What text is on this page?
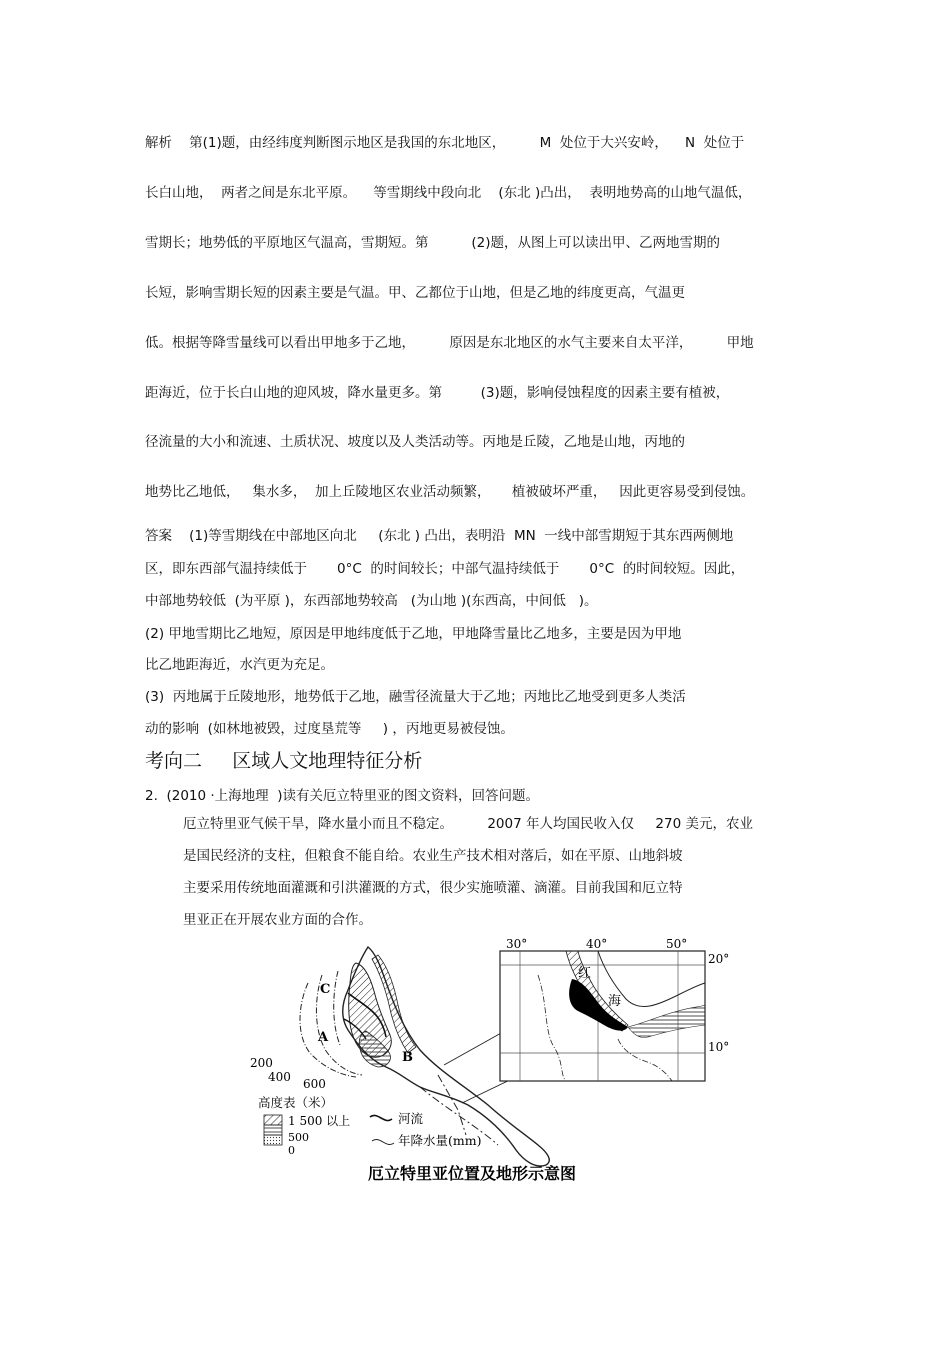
解析    第(1)题，由经纬度判断图示地区是我国的东北地区，        M  处位于大兴安岭，    N  处位于
长白山地，  两者之间是东北平原。    等雪期线中段向北    (东北 )凸出，  表明地势高的山地气温低，
雪期长；地势低的平原地区气温高，雪期短。第          (2)题，从图上可以读出甲、乙两地雪期的
长短，影响雪期长短的因素主要是气温。甲、乙都位于山地，但是乙地的纬度更高，气温更
低。根据等降雪量线可以看出甲地多于乙地，        原因是东北地区的水气主要来自太平洋，        甲地
距海近，位于长白山地的迎风坡，降水量更多。第         (3)题，影响侵蚀程度的因素主要有植被，
径流量的大小和流速、土质状况、坡度以及人类活动等。丙地是丘陵，乙地是山地，丙地的
地势比乙地低，   集水多，  加上丘陵地区农业活动频繁，     植被破坏严重，   因此更容易受到侵蚀。
答案    (1)等雪期线在中部地区向北     (东北 ) 凸出，表明沿  MN  一线中部雪期短于其东西两侧地
区，即东西部气温持续低于       0°C  的时间较长；中部气温持续低于       0°C  的时间较短。因此，
中部地势较低  (为平原 )，东西部地势较高   (为山地 )(东西高，中间低   )。
(2) 甲地雪期比乙地短，原因是甲地纬度低于乙地，甲地降雪量比乙地多，主要是因为甲地
比乙地距海近，水汽更为充足。
(3)  丙地属于丘陵地形，地势低于乙地，融雪径流量大于乙地；丙地比乙地受到更多人类活
动的影响  (如林地被毁，过度垦荒等     ) ，丙地更易被侵蚀。
考向二     区域人文地理特征分析
2.  (2010 ·上海地理  )读有关厄立特里亚的图文资料，回答问题。
厄立特里亚气候干旱，降水量小而且不稳定。        2007 年人均国民收入仅     270 美元，农业
是国民经济的支柱，但粮食不能自给。农业生产技术相对落后，如在平原、山地斜坡
主要采用传统地面灌溉和引洪灌溉的方式，很少实施喷灌、滴灌。目前我国和厄立特
里亚正在开展农业方面的合作。
C
A
B
200
400 600
红
海
30°	40°	50°
20°
10°
高度表（米）
1 500 以上
500
0
河流
年降水量(mm)
厄立特里亚位置及地形示意图
